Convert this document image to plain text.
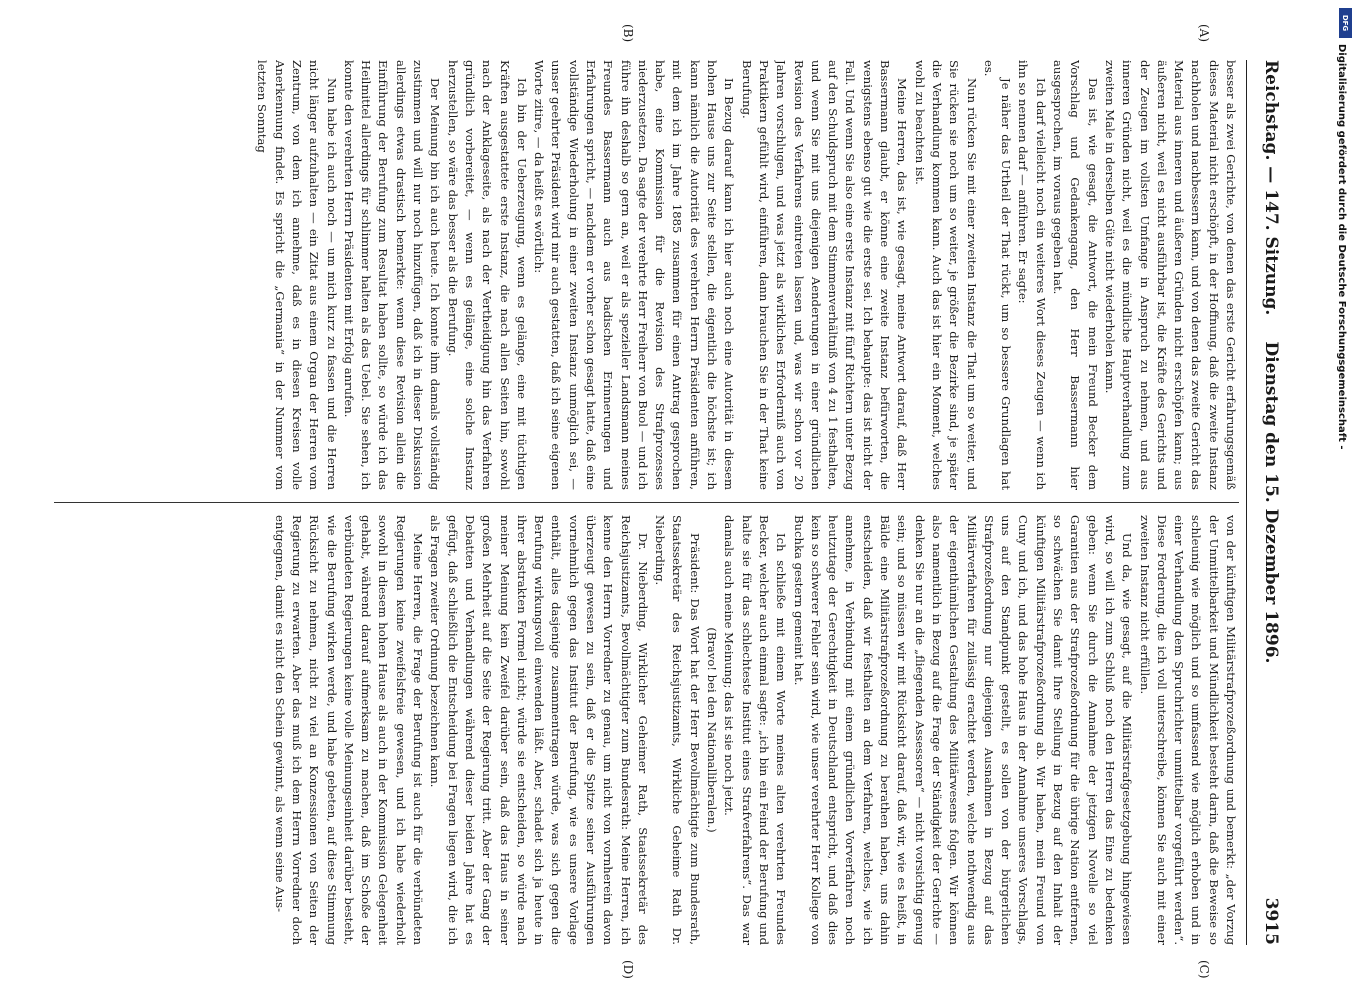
Reichstag. — 147. Sitzung.
Dienstag den 15. Dezember 1896.
3915
(A)
(B)
(C)
(D)

besser als zwei Gerichte, von denen das erste Gericht erfahrungsgemäß dieses Material nicht erschöpft, in der Hoffnung, daß die zweite Instanz nachholen und nachbessern kann, und von denen das zweite Gericht das Material aus inneren und äußeren Gründen nicht erschöpfen kann; aus äußeren nicht, weil es nicht ausführbar ist, die Kräfte des Gerichts und der Zeugen im vollsten Umfange in Anspruch zu nehmen, und aus inneren Gründen nicht, weil es die mündliche Hauptverhandlung zum zweiten Male in derselben Güte nicht wiederholen kann.

Das ist, wie gesagt, die Antwort, die mein Freund Becker dem Vorschlag und Gedankengang, den Herr Bassermann hier ausgesprochen, im voraus gegeben hat.

Ich darf vielleicht noch ein weiteres Wort dieses Zeugen — wenn ich ihn so nennen darf — anführen. Er sagte:

Je näher das Urtheil der That rückt, um so bessere Grundlagen hat es.

Nun rücken Sie mit einer zweiten Instanz die That um so weiter, und Sie rücken sie noch um so weiter, je größer die Bezirke sind, je später die Verhandlung kommen kann. Auch das ist hier ein Moment, welches wohl zu beachten ist.

Meine Herren, das ist, wie gesagt, meine Antwort darauf, daß Herr Bassermann glaubt, er könne eine zweite Instanz befürworten, die wenigstens ebenso gut wie die erste sei. Ich behaupte: das ist nicht der Fall. Und wenn Sie also eine erste Instanz mit fünf Richtern unter Bezug auf den Schuldspruch mit dem Stimmenverhältniß von 4 zu 1 festhalten, und wenn Sie mit uns diejenigen Aenderungen in einer gründlichen Revision des Verfahrens eintreten lassen und, was wir schon vor 20 Jahren vorschlugen, und was jetzt als wirkliches Erforderniß auch von Praktikern gefühlt wird, einführen, dann brauchen Sie in der That keine Berufung.

In Bezug darauf kann ich hier auch noch eine Autorität in diesem hohen Hause uns zur Seite stellen, die eigentlich die höchste ist; ich kann nämlich die Autorität des verehrten Herrn Präsidenten anführen, mit dem ich im Jahre 1885 zusammen für einen Antrag gesprochen habe, eine Kommission für die Revision des Strafprozesses niederzusetzen. Da sagte der verehrte Herr Freiherr von Buol — und ich führe ihn deshalb so gern an, weil er als spezieller Landsmann meines Freundes Bassermann auch aus badischen Erinnerungen und Erfahrungen spricht, — nachdem er vorher schon gesagt hatte, daß eine vollständige Wiederholung in einer zweiten Instanz unmöglich sei, — unser geehrter Präsident wird mir auch gestatten, daß ich seine eigenen Worte zitire, — da heißt es wörtlich:

Ich bin der Ueberzeugung, wenn es gelänge, eine mit tüchtigen Kräften ausgestattete erste Instanz, die nach allen Seiten hin, sowohl nach der Anklageseite, als nach der Vertheidigung hin das Verfahren gründlich vorbereitet, — wenn es gelänge, eine solche Instanz herzustellen, so wäre das besser als die Berufung.

Der Meinung bin ich auch heute. Ich konnte ihm damals vollständig zustimmen und will nur noch hinzufügen, daß ich in dieser Diskussion allerdings etwas drastisch bemerkte: wenn diese Revision allein die Einführung der Berufung zum Resultat haben sollte, so würde ich das Heilmittel allerdings für schlimmer halten als das Uebel. Sie sehen, ich konnte den verehrten Herrn Präsidenten mit Erfolg anrufen.

Nun habe ich auch noch — um mich kurz zu fassen und die Herren nicht länger aufzuhalten — ein Zitat aus einem Organ der Herren vom Zentrum, von dem ich annehme, daß es in diesen Kreisen volle Anerkennung findet. Es spricht die „Germania“ in der Nummer vom letzten Sonntag

von der künftigen Militärstrafprozeßordnung und bemerkt: „der Vorzug der Unmittelbarkeit und Mündlichkeit besteht darin, daß die Beweise so schleunig wie möglich und so umfassend wie möglich erhoben und in einer Verhandlung dem Spruchrichter unmittelbar vorgeführt werden“. Diese Forderung, die ich voll unterschreibe, können Sie auch mit einer zweiten Instanz nicht erfüllen.

Und da, wie gesagt, auf die Militärstrafgesetzgebung hingewiesen wird, so will ich zum Schluß noch den Herren das Eine zu bedenken geben: wenn Sie durch die Annahme der jetzigen Novelle so viel Garantien aus der Strafprozeßordnung für die übrige Nation entfernen, so schwächen Sie damit Ihre Stellung in Bezug auf den Inhalt der künftigen Militärstrafprozeßordnung ab. Wir haben, mein Freund von Cuny und ich, und das hohe Haus in der Annahme unseres Vorschlags, uns auf den Standpunkt gestellt, es sollen von der bürgerlichen Strafprozeßordnung nur diejenigen Ausnahmen in Bezug auf das Militärverfahren für zulässig erachtet werden, welche nothwendig aus der eigenthümlichen Gestaltung des Militärwesens folgen. Wir können also namentlich in Bezug auf die Frage der Ständigkeit der Gerichte — denken Sie nur an die „fliegenden Assessoren“ — nicht vorsichtig genug sein; und so müssen wir mit Rücksicht darauf, daß wir, wie es heißt, in Bälde eine Militärstrafprozeßordnung zu berathen haben, uns dahin entscheiden, daß wir festhalten an dem Verfahren, welches, wie ich annehme, in Verbindung mit einem gründlichen Vorverfahren noch heutzutage der Gerechtigkeit in Deutschland entspricht, und daß dies kein so schwerer Fehler sein wird, wie unser verehrter Herr Kollege von Buchka gestern gemeint hat.

Ich schließe mit einem Worte meines alten verehrten Freundes Becker, welcher auch einmal sagte: „ich bin ein Feind der Berufung und halte sie für das schlechteste Institut eines Strafverfahrens“. Das war damals auch meine Meinung; das ist sie noch jetzt.

(Bravo! bei den Nationalliberalen.)

Präsident: Das Wort hat der Herr Bevollmächtigte zum Bundesrath, Staatssekretär des Reichsjustizamts, Wirkliche Geheime Rath Dr. Nieberding.

Dr. Nieberding, Wirklicher Geheimer Rath, Staatssekretär des Reichsjustizamts, Bevollmächtigter zum Bundesrath: Meine Herren, ich kenne den Herrn Vorredner zu genau, um nicht von vornherein davon überzeugt gewesen zu sein, daß er die Spitze seiner Ausführungen vornehmlich gegen das Institut der Berufung, wie es unsere Vorlage enthält, alles dasjenige zusammentragen würde, was sich gegen die Berufung wirkungsvoll einwenden läßt. Aber, schadet sich ja heute in ihrer abstrakten Formel nicht; würde sie entscheiden, so würde nach meiner Meinung kein Zweifel darüber sein, daß das Haus in seiner großen Mehrheit auf die Seite der Regierung tritt. Aber der Gang der Debatten und Verhandlungen während dieser beiden Jahre hat es gefügt, daß schließlich die Entscheidung bei Fragen liegen wird, die ich als Fragen zweiter Ordnung bezeichnen kann.

Meine Herren, die Frage der Berufung ist auch für die verbündeten Regierungen keine zweifelsfreie gewesen, und ich habe wiederholt sowohl in diesem hohen Hause als auch in der Kommission Gelegenheit gehabt, während darauf aufmerksam zu machen, daß im Schoße der verbündeten Regierungen keine volle Meinungseinheit darüber besteht, wie die Berufung wirken werde, und habe gebeten, auf diese Stimmung Rücksicht zu nehmen, nicht zu viel an Konzessionen von Seiten der Regierung zu erwarten. Aber das muß ich dem Herrn Vorredner doch entgegnen, damit es nicht den Schein gewinnt, als wenn seine Aus-

DFG
Digitalisierung gefördert durch die Deutsche Forschungsgemeinschaft -
